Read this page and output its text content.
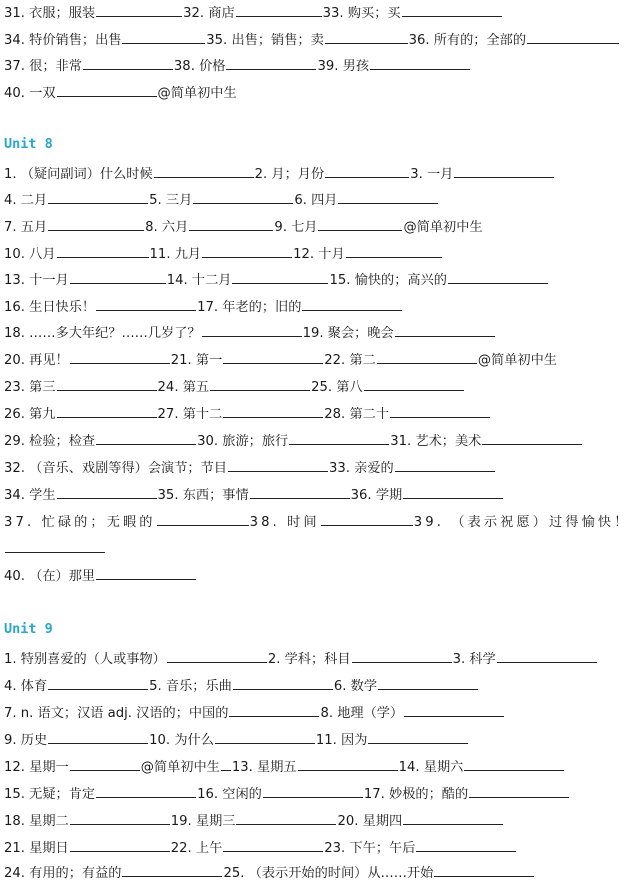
31. 衣服；服装	32. 商店	33. 购买；买
34. 特价销售；出售	35. 出售；销售；卖	36. 所有的；全部的
37. 很；非常	38. 价格	39. 男孩
40. 一双	@简单初中生
Unit 8
1. （疑问副词）什么时候	2. 月；月份	3. 一月
4. 二月	5. 三月	6. 四月
7. 五月	8. 六月	9. 七月	@简单初中生
10. 八月	11. 九月	12. 十月
13. 十一月	14. 十二月	15. 愉快的；高兴的
16. 生日快乐！	17. 年老的；旧的
18. ……多大年纪？……几岁了？	19. 聚会；晚会
20. 再见！	21. 第一	22. 第二	@简单初中生
23. 第三	24. 第五	25. 第八
26. 第九	27. 第十二	28. 第二十
29. 检验；检查	30. 旅游；旅行	31. 艺术；美术
32. （音乐、戏剧等得）会演节；节目	33. 亲爱的
34. 学生	35. 东西；事情	36. 学期
37. 忙碌的；无暇的	38. 时间	39. （表示祝愿）过得愉快！
40. （在）那里
Unit 9
1. 特别喜爱的（人或事物）	2. 学科；科目	3. 科学
4. 体育	5. 音乐；乐曲	6. 数学
7. n. 语文；汉语 adj. 汉语的；中国的	8. 地理（学）
9. 历史	10. 为什么	11. 因为
12. 星期一	@简单初中生 13. 星期五	14. 星期六
15. 无疑；肯定	16. 空闲的	17. 妙极的；酷的
18. 星期二	19. 星期三	20. 星期四
21. 星期日	22. 上午	23. 下午；午后
24. 有用的；有益的	25. （表示开始的时间）从……开始
